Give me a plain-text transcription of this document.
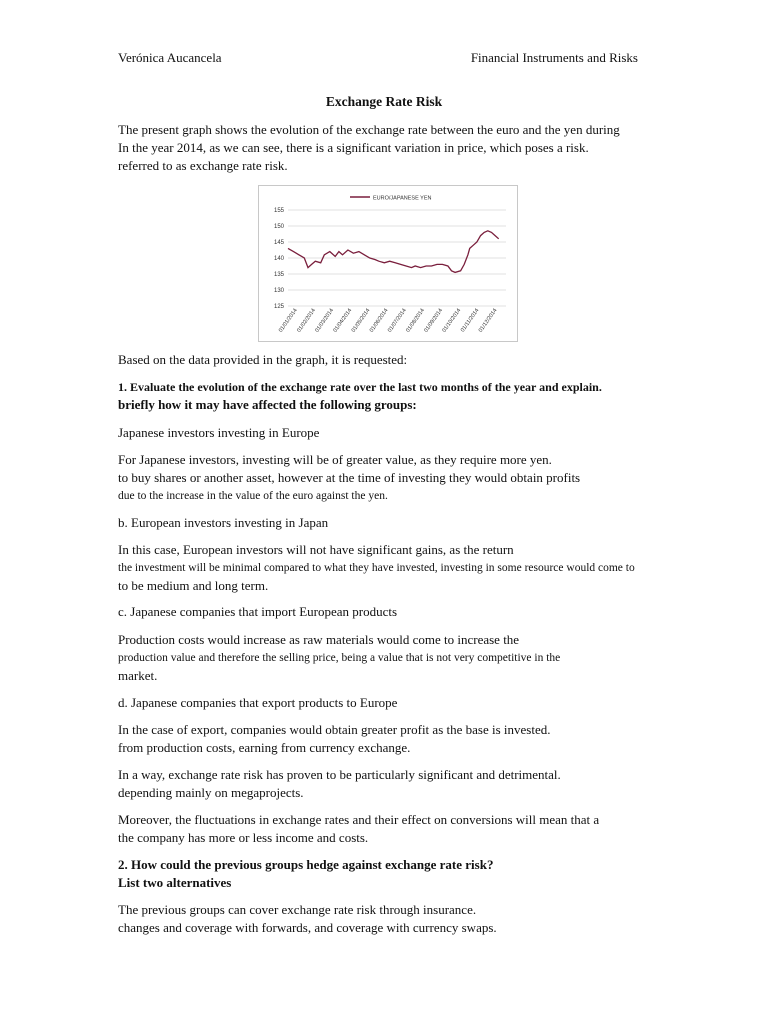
Verónica Aucancela	Financial Instruments and Risks
Exchange Rate Risk
The present graph shows the evolution of the exchange rate between the euro and the yen during
In the year 2014, as we can see, there is a significant variation in price, which poses a risk.
referred to as exchange rate risk.
EURO/JAPANESE YEN
125
130
135
140
145
150
155
01/01/2014
01/02/2014
01/03/2014
01/04/2014
01/05/2014
01/06/2014
01/07/2014
01/08/2014
01/09/2014
01/10/2014
01/11/2014
01/12/2014
Based on the data provided in the graph, it is requested:
1. Evaluate the evolution of the exchange rate over the last two months of the year and explain.
briefly how it may have affected the following groups:
Japanese investors investing in Europe
For Japanese investors, investing will be of greater value, as they require more yen.
to buy shares or another asset, however at the time of investing they would obtain profits
due to the increase in the value of the euro against the yen.
b. European investors investing in Japan
In this case, European investors will not have significant gains, as the return
the investment will be minimal compared to what they have invested, investing in some resource would come to
to be medium and long term.
c. Japanese companies that import European products
Production costs would increase as raw materials would come to increase the
production value and therefore the selling price, being a value that is not very competitive in the
market.
d. Japanese companies that export products to Europe
In the case of export, companies would obtain greater profit as the base is invested.
from production costs, earning from currency exchange.
In a way, exchange rate risk has proven to be particularly significant and detrimental.
depending mainly on megaprojects.
Moreover, the fluctuations in exchange rates and their effect on conversions will mean that a
the company has more or less income and costs.
2. How could the previous groups hedge against exchange rate risk?
List two alternatives
The previous groups can cover exchange rate risk through insurance.
changes and coverage with forwards, and coverage with currency swaps.
